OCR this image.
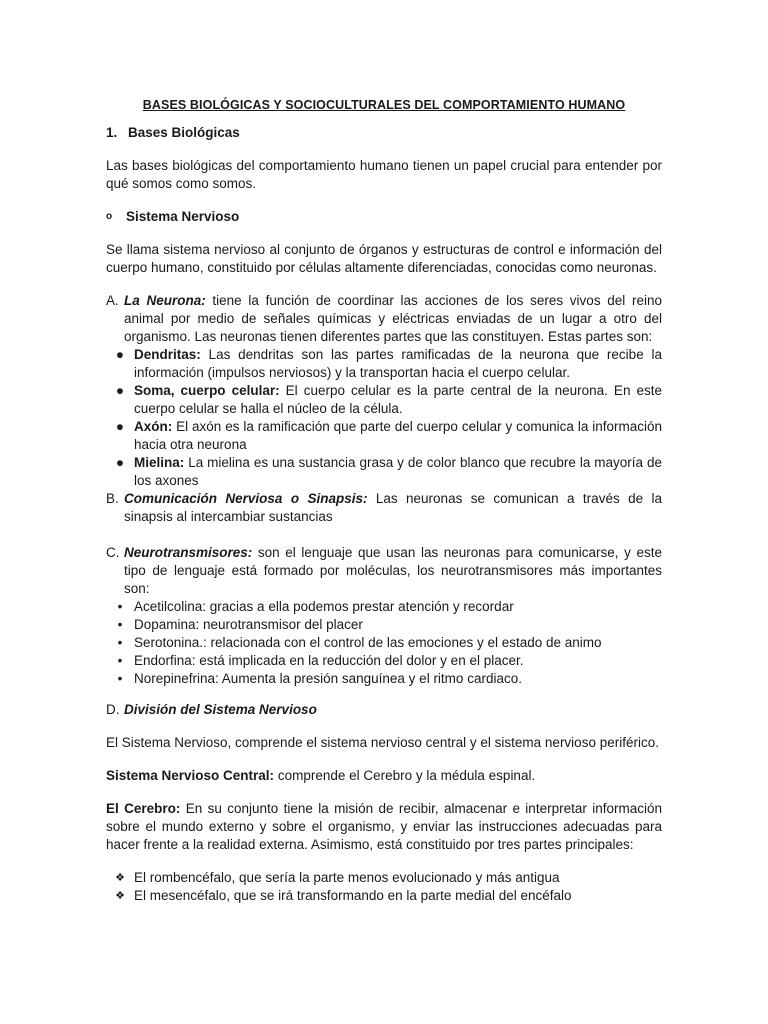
BASES BIOLÓGICAS Y SOCIOCULTURALES DEL COMPORTAMIENTO HUMANO
1. Bases Biológicas

Las bases biológicas del comportamiento humano tienen un papel crucial para entender por qué somos como somos.

o	Sistema Nervioso

Se llama sistema nervioso al conjunto de órganos y estructuras de control e información del cuerpo humano, constituido por células altamente diferenciadas, conocidas como neuronas.

A. La Neurona: tiene la función de coordinar las acciones de los seres vivos del reino animal por medio de señales químicas y eléctricas enviadas de un lugar a otro del organismo. Las neuronas tienen diferentes partes que las constituyen. Estas partes son:
● Dendritas: Las dendritas son las partes ramificadas de la neurona que recibe la información (impulsos nerviosos) y la transportan hacia el cuerpo celular.
● Soma, cuerpo celular: El cuerpo celular es la parte central de la neurona. En este cuerpo celular se halla el núcleo de la célula.
● Axón: El axón es la ramificación que parte del cuerpo celular y comunica la información hacia otra neurona
● Mielina: La mielina es una sustancia grasa y de color blanco que recubre la mayoría de los axones
B. Comunicación Nerviosa o Sinapsis: Las neuronas se comunican a través de la sinapsis al intercambiar sustancias
C. Neurotransmisores: son el lenguaje que usan las neuronas para comunicarse, y este tipo de lenguaje está formado por moléculas, los neurotransmisores más importantes son:
• Acetilcolina: gracias a ella podemos prestar atención y recordar
• Dopamina: neurotransmisor del placer
• Serotonina.: relacionada con el control de las emociones y el estado de animo
• Endorfina: está implicada en la reducción del dolor y en el placer.
• Norepinefrina: Aumenta la presión sanguínea y el ritmo cardiaco.
D. División del Sistema Nervioso

El Sistema Nervioso, comprende el sistema nervioso central y el sistema nervioso periférico.

Sistema Nervioso Central: comprende el Cerebro y la médula espinal.

El Cerebro: En su conjunto tiene la misión de recibir, almacenar e interpretar información sobre el mundo externo y sobre el organismo, y enviar las instrucciones adecuadas para hacer frente a la realidad externa. Asimismo, está constituido por tres partes principales:

❖ El rombencéfalo, que sería la parte menos evolucionado y más antigua
❖ El mesencéfalo, que se irá transformando en la parte medial del encéfalo
